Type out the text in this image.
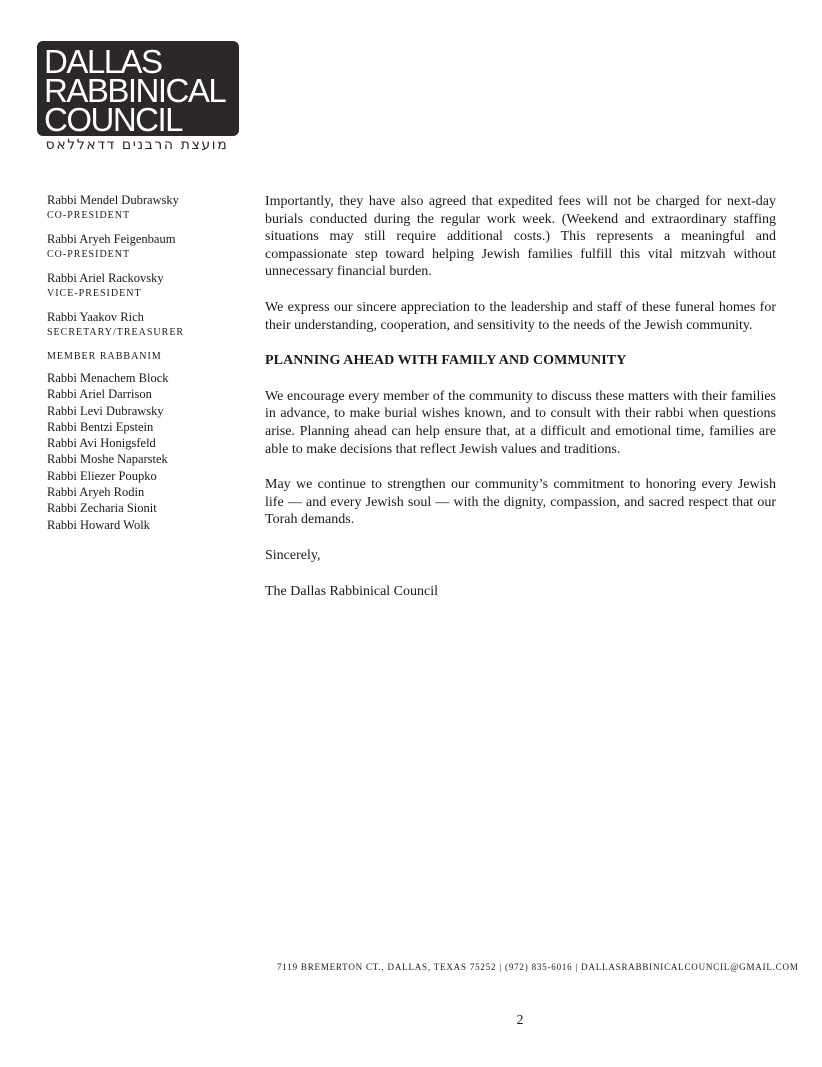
DALLAS
RABBINICAL
COUNCIL
מועצת הרבנים דדאללאס
Rabbi Mendel Dubrawsky
CO-PRESIDENT
Rabbi Aryeh Feigenbaum
CO-PRESIDENT
Rabbi Ariel Rackovsky
VICE-PRESIDENT
Rabbi Yaakov Rich
SECRETARY/TREASURER
MEMBER RABBANIM
Rabbi Menachem Block
Rabbi Ariel Darrison
Rabbi Levi Dubrawsky
Rabbi Bentzi Epstein
Rabbi Avi Honigsfeld
Rabbi Moshe Naparstek
Rabbi Eliezer Poupko
Rabbi Aryeh Rodin
Rabbi Zecharia Sionit
Rabbi Howard Wolk

Importantly, they have also agreed that expedited fees will not be charged for next-day burials conducted during the regular work week. (Weekend and extraordinary staffing situations may still require additional costs.) This represents a meaningful and compassionate step toward helping Jewish families fulfill this vital mitzvah without unnecessary financial burden.

We express our sincere appreciation to the leadership and staff of these funeral homes for their understanding, cooperation, and sensitivity to the needs of the Jewish community.

PLANNING AHEAD WITH FAMILY AND COMMUNITY

We encourage every member of the community to discuss these matters with their families in advance, to make burial wishes known, and to consult with their rabbi when questions arise. Planning ahead can help ensure that, at a difficult and emotional time, families are able to make decisions that reflect Jewish values and traditions.

May we continue to strengthen our community’s commitment to honoring every Jewish life — and every Jewish soul — with the dignity, compassion, and sacred respect that our Torah demands.

Sincerely,

The Dallas Rabbinical Council

7119 BREMERTON CT., DALLAS, TEXAS 75252 | (972) 835-6016 | DALLASRABBINICALCOUNCIL@GMAIL.COM
2
